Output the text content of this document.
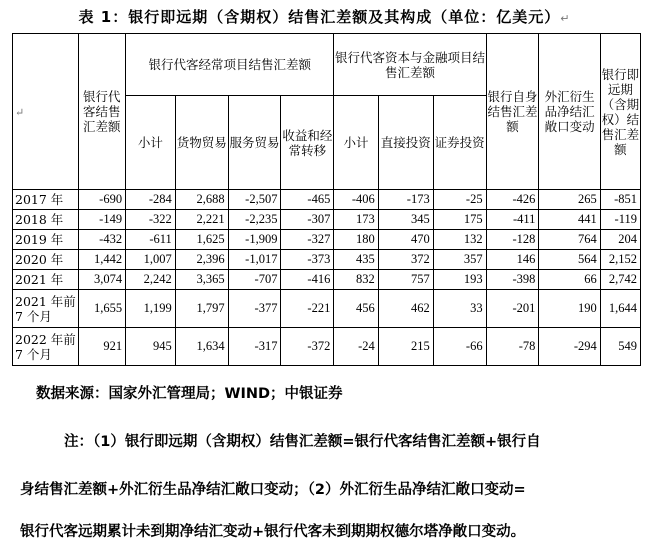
表 1：银行即远期（含期权）结售汇差额及其构成（单位：亿美元）↵
↵	银行代客结售汇差额	银行代客经常项目结售汇差额				银行代客资本与金融项目结售汇差额			银行自身结售汇差额	外汇衍生品净结汇敞口变动	银行即远期（含期权）结售汇差额
		小计	货物贸易	服务贸易	收益和经常转移	小计	直接投资	证券投资			
2017 年	-690	-284	2,688	-2,507	-465	-406	-173	-25	-426	265	-851
2018 年	-149	-322	2,221	-2,235	-307	173	345	175	-411	441	-119
2019 年	-432	-611	1,625	-1,909	-327	180	470	132	-128	764	204
2020 年	1,442	1,007	2,396	-1,017	-373	435	372	357	146	564	2,152
2021 年	3,074	2,242	3,365	-707	-416	832	757	193	-398	66	2,742
2021 年前 7 个月	1,655	1,199	1,797	-377	-221	456	462	33	-201	190	1,644
2022 年前 7 个月	921	945	1,634	-317	-372	-24	215	-66	-78	-294	549
数据来源：国家外汇管理局；WIND；中银证券
注：（1）银行即远期（含期权）结售汇差额=银行代客结售汇差额+银行自
身结售汇差额+外汇衍生品净结汇敞口变动；（2）外汇衍生品净结汇敞口变动=
银行代客远期累计未到期净结汇变动+银行代客未到期期权德尔塔净敞口变动。
